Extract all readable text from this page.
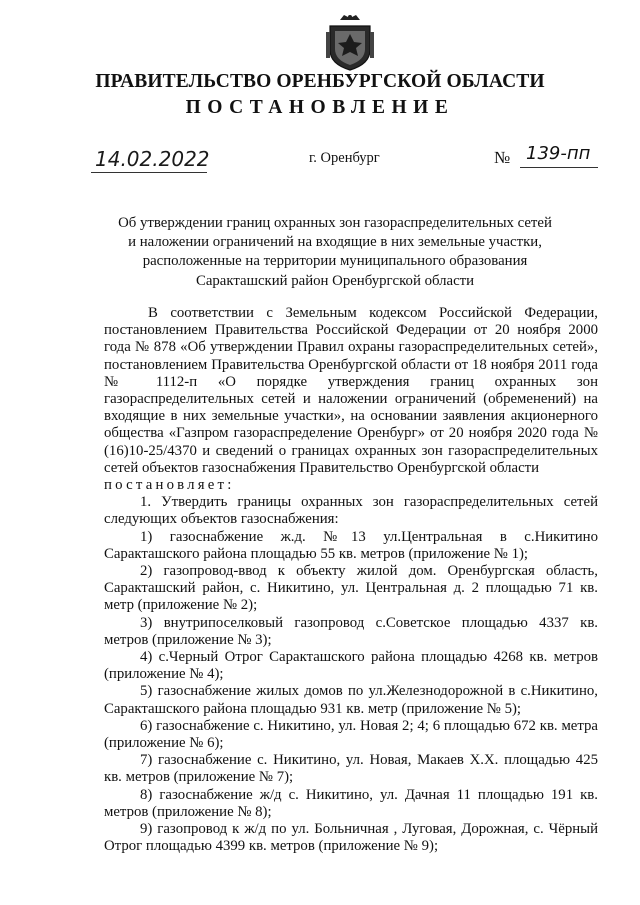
ПРАВИТЕЛЬСТВО ОРЕНБУРГСКОЙ ОБЛАСТИ
ПОСТАНОВЛЕНИЕ
14.02.2022	г. Оренбург	№ 139-пп
Об утверждении границ охранных зон газораспределительных сетей
и наложении ограничений на входящие в них земельные участки,
расположенные на территории муниципального образования
Саракташский район Оренбургской области

В соответствии с Земельным кодексом Российской Федерации, постановлением Правительства Российской Федерации от 20 ноября 2000 года № 878 «Об утверждении Правил охраны газораспределительных сетей», постановлением Правительства Оренбургской области от 18 ноября 2011 года № 1112-п «О порядке утверждения границ охранных зон газораспределительных сетей и наложении ограничений (обременений) на входящие в них земельные участки», на основании заявления акционерного общества «Газпром газораспределение Оренбург» от 20 ноября 2020 года № (16)10-25/4370 и сведений о границах охранных зон газораспределительных сетей объектов газоснабжения Правительство Оренбургской области

постановляет:

1. Утвердить границы охранных зон газораспределительных сетей следующих объектов газоснабжения:

1) газоснабжение ж.д. №13 ул.Центральная в с.Никитино Саракташского района площадью 55 кв. метров (приложение № 1);

2) газопровод-ввод к объекту жилой дом. Оренбургская область, Саракташский район, с. Никитино, ул. Центральная д. 2 площадью 71 кв. метр (приложение № 2);

3) внутрипоселковый газопровод с.Советское площадью 4337 кв. метров (приложение № 3);

4) с.Черный Отрог Саракташского района площадью 4268 кв. метров (приложение № 4);

5) газоснабжение жилых домов по ул.Железнодорожной в с.Никитино, Саракташского района площадью 931 кв. метр (приложение № 5);

6) газоснабжение с. Никитино, ул. Новая 2; 4; 6 площадью 672 кв. метра (приложение № 6);

7) газоснабжение с. Никитино, ул. Новая, Макаев Х.Х. площадью 425 кв. метров (приложение № 7);

8) газоснабжение ж/д с. Никитино, ул. Дачная 11 площадью 191 кв. метров (приложение № 8);

9) газопровод к ж/д по ул. Больничная , Луговая, Дорожная, с. Чёрный Отрог площадью 4399 кв. метров (приложение № 9);
